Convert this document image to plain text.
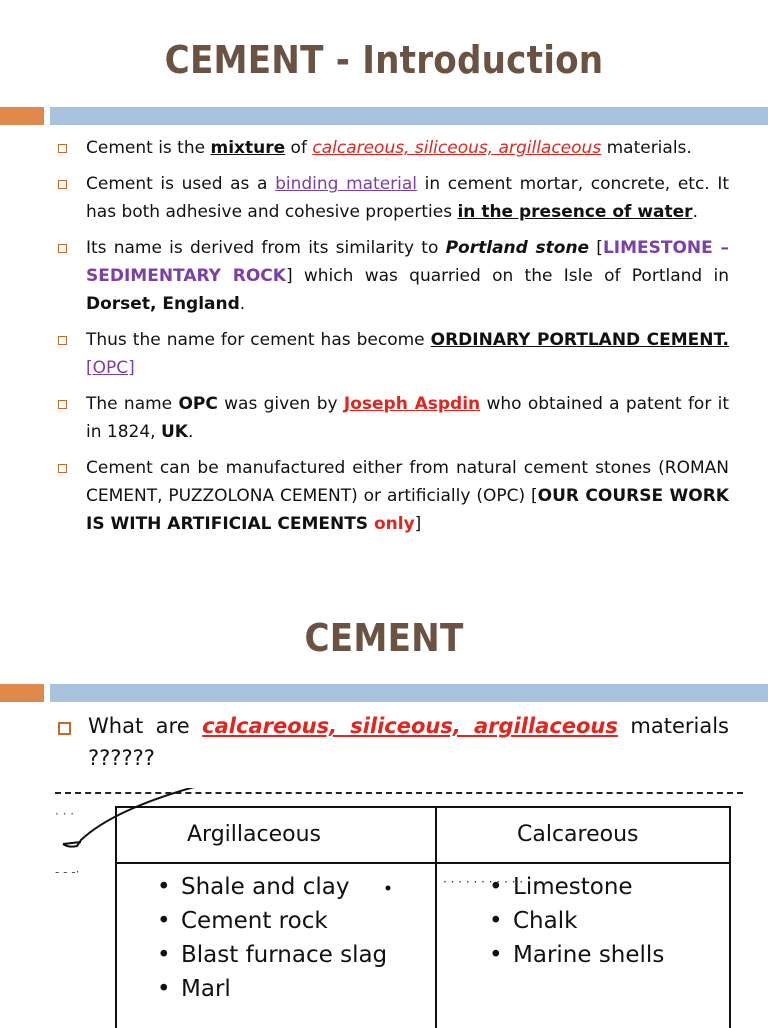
CEMENT - Introduction
Cement is the mixture of calcareous, siliceous, argillaceous materials.
Cement is used as a binding material in cement mortar, concrete, etc. It has both adhesive and cohesive properties in the presence of water.
Its name is derived from its similarity to Portland stone [LIMESTONE – SEDIMENTARY ROCK] which was quarried on the Isle of Portland in Dorset, England.
Thus the name for cement has become ORDINARY PORTLAND CEMENT. [OPC]
The name OPC was given by Joseph Aspdin who obtained a patent for it in 1824, UK.
Cement can be manufactured either from natural cement stones (ROMAN CEMENT, PUZZOLONA CEMENT) or artificially (OPC) [OUR COURSE WORK IS WITH ARTIFICIAL CEMENTS only]
CEMENT
What are calcareous, siliceous, argillaceous materials ??????
· · ·
- - -·
· · · · · · · · · · · · ·
Argillaceous	Calcareous
• Shale and clay
• Cement rock
• Blast furnace slag
• Marl
• Limestone
• Chalk
• Marine shells
